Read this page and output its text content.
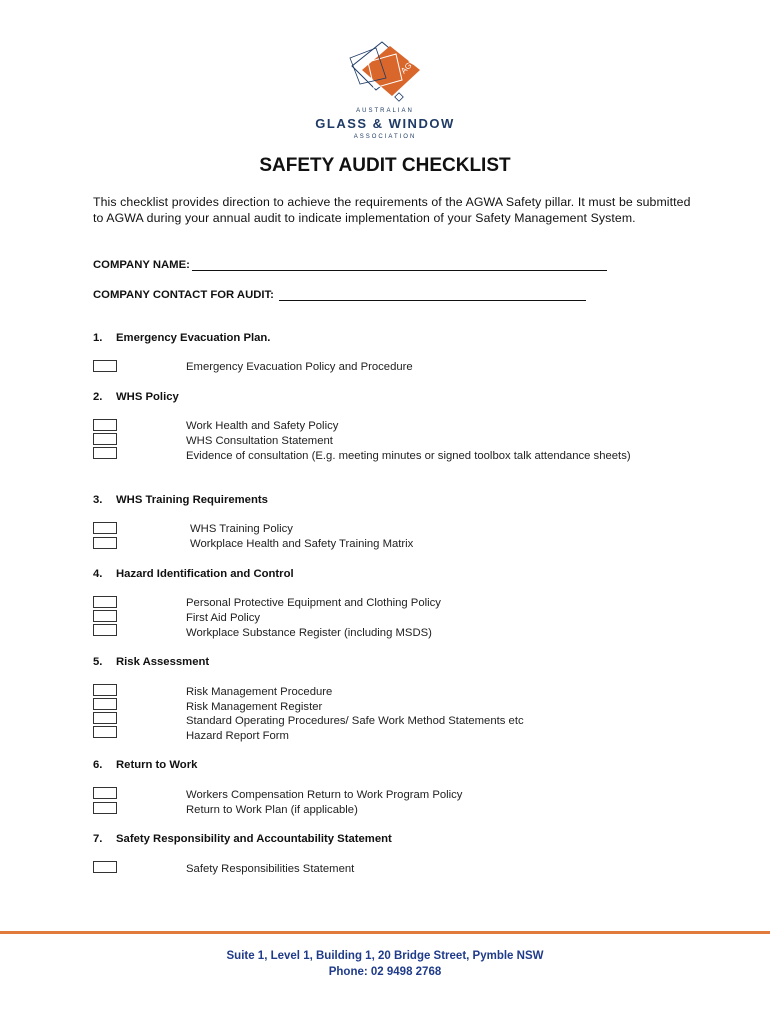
AGWA
AUSTRALIAN
GLASS & WINDOW
ASSOCIATION
SAFETY AUDIT CHECKLIST
This checklist provides direction to achieve the requirements of the AGWA Safety pillar. It must be submitted to AGWA during your annual audit to indicate implementation of your Safety Management System.
COMPANY NAME:
COMPANY CONTACT FOR AUDIT:
1. Emergency Evacuation Plan.
Emergency Evacuation Policy and Procedure
2. WHS Policy
Work Health and Safety Policy
WHS Consultation Statement
Evidence of consultation (E.g. meeting minutes or signed toolbox talk attendance sheets)
3. WHS Training Requirements
WHS Training Policy
Workplace Health and Safety Training Matrix
4. Hazard Identification and Control
Personal Protective Equipment and Clothing Policy
First Aid Policy
Workplace Substance Register (including MSDS)
5. Risk Assessment
Risk Management Procedure
Risk Management Register
Standard Operating Procedures/ Safe Work Method Statements etc
Hazard Report Form
6. Return to Work
Workers Compensation Return to Work Program Policy
Return to Work Plan (if applicable)
7. Safety Responsibility and Accountability Statement
Safety Responsibilities Statement
Suite 1, Level 1, Building 1, 20 Bridge Street, Pymble NSW
Phone: 02 9498 2768
